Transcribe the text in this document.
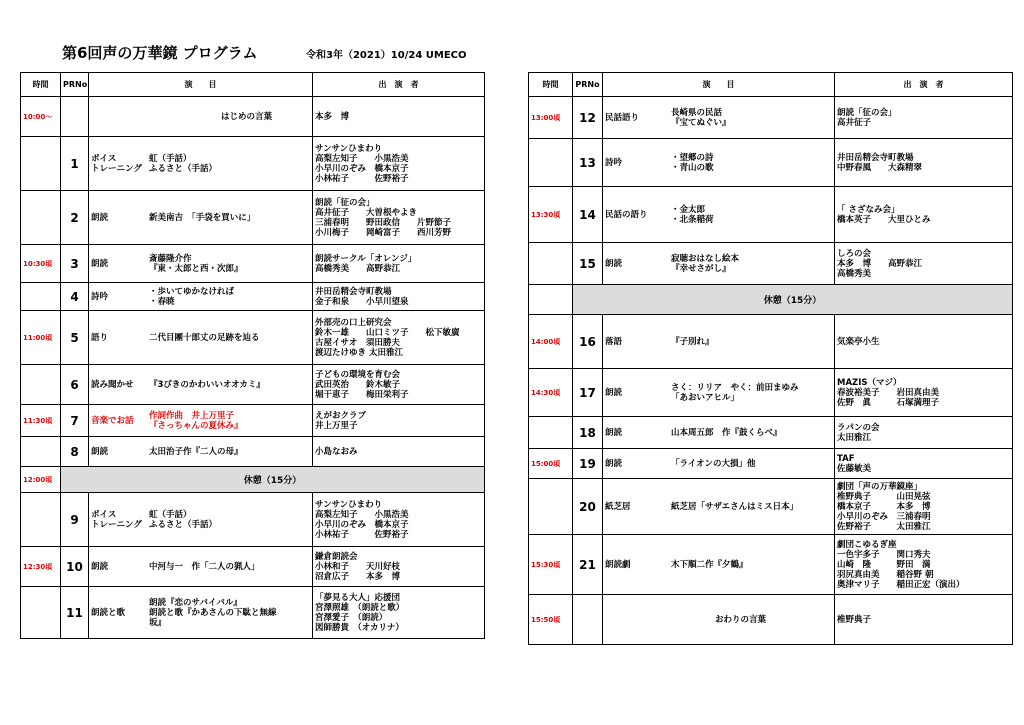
第6回声の万華鏡 プログラム	令和3年（2021）10/24 UMECO
時間	PRNo	演　　目	出　演　者
10:00～		はじめの言葉	本多　博

	1	ボイス
トレーニング
虹（手話）
ふるさと（手話）	サンサンひまわり
高梨左知子　　小黒浩美
小早川のぞみ　橋本京子
小林祐子　　　佐野裕子

	2	朗読 新美南吉　「手袋を買いに」	朗読「征の会」
高井征子　　大曽根やよき
三浦春明　　野田政信　　片野節子
小川梅子　　岡崎富子　　西川芳野

10:30頃	3	朗読 斎藤隆介作
『東・太郎と西・次郎』	朗読サークル「オレンジ」
高橋秀美　　高野恭江

	4	詩吟 ・歩いてゆかなければ
・春暁	井田岳精会寺町教場
金子和泉　　小早川望泉

11:00頃	5	語り 二代目團十郎丈の足跡を辿る	外部売の口上研究会
鈴木一雄　　山口ミツ子　　松下敏廣
古屋イサオ　須田勝夫
渡辺たけゆき 太田雅江

	6	読み聞かせ 『3びきのかわいいオオカミ』	子どもの環境を育む会
武田英治　　鈴木敏子
堀干恵子　　梅田栄利子

11:30頃	7	音楽でお話 作詞作曲　井上万里子
『さっちゃんの夏休み』	えがおクラブ
井上万里子

	8	朗読 太田治子作『二人の母』	小島なおみ

12:00頃	休憩（15分）		
	9	ボイス
トレーニング
虹（手話）
ふるさと（手話）	サンサンひまわり
高梨左知子　　小黒浩美
小早川のぞみ　橋本京子
小林祐子　　　佐野裕子

12:30頃	10	朗読 中河与一　作「二人の猟人」	鎌倉朗読会
小林和子　　天川好枝
沼倉広子　　本多　博

	11	朗読と歌
朗読『恋のサバイバル』
朗読と歌『かあさんの下駄と無線
坂』	「夢見る大人」応援団
宮澤照雄　（朗読と歌）
宮澤愛子　（朗読）
図師勝貴　（オカリナ）
時間	PRNo	演　　目	出　演　者
13:00頃	12	民話語り 長崎県の民話
『宝てぬぐい』	朗読「征の会」
高井征子

	13	詩吟 ・望郷の詩
・青山の歌	井田岳精会寺町教場
中野春風　　大森精翠

13:30頃	14	民話の語り ・金太郎
・北条稲荷	「 さざなみ会」
橋本英子　　大里ひとみ

	15	朗読 寂聴おはなし絵本
『幸せさがし』	しろの会
本多　博　　高野恭江
高橋秀美

	休憩（15分）		
14:00頃	16	落語 『子別れ』	気楽亭小生

14:30頃	17	朗読 さく：リリア　やく：前田まゆみ
「あおいアヒル」	MAZIS（マジ）
春波裕美子　　岩田真由美
佐野　眞　　　石塚満理子

	18	朗読 山本周五郎　作『鼓くらべ』	ラパンの会
太田雅江

15:00頃	19	朗読 「ライオンの大損」他	TAF
佐藤敏美

	20	紙芝居 紙芝居「サザエさんはミス日本」	劇団「声の万華鏡座」
椎野典子　　　山田晃弦
橋本京子　　　本多　博
小早川のぞみ　三浦春明
佐野裕子　　　太田雅江

15:30頃	21	朗読劇 木下順二作『夕鶴』	劇団こゆるぎ座
一色宇多子　　関口秀夫
山崎　隆　　　野田　満
羽尻真由美　　稲谷野 朝
奥津マリ子　　稲田正宏（演出）

15:50頃		おわりの言葉	椎野典子
